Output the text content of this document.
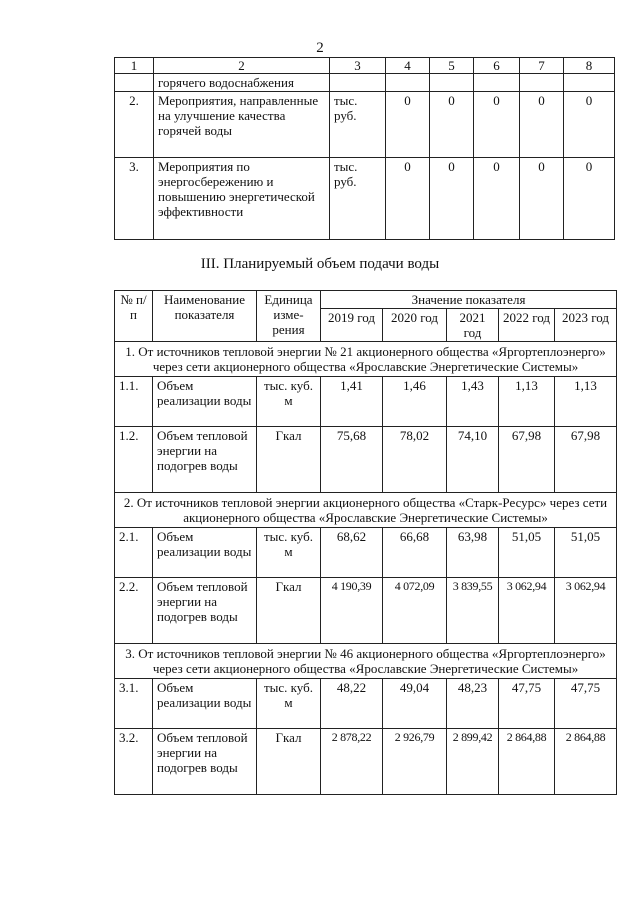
2
1	2	3	4	5	6	7	8
	горячего водоснабжения						
2.	Мероприятия, направленные на улучшение качества горячей воды	тыс. руб.	0	0	0	0	0
3.	Мероприятия по энергосбережению и повышению энергетической эффективности	тыс. руб.	0	0	0	0	0
III. Планируемый объем подачи воды
№ п/п	Наименование показателя	Единица изме-рения	Значение показателя				
			2019 год	2020 год	2021 год	2022 год	2023 год
1. От источников тепловой энергии № 21 акционерного общества «Яргортеплоэнерго» через сети акционерного общества «Ярославские Энергетические Системы»							
1.1.	Объем реализации воды	тыс. куб. м	1,41	1,46	1,43	1,13	1,13
1.2.	Объем тепловой энергии на подогрев воды	Гкал	75,68	78,02	74,10	67,98	67,98
2. От источников тепловой энергии акционерного общества «Старк-Ресурс» через сети акционерного общества «Ярославские Энергетические Системы»							
2.1.	Объем реализации воды	тыс. куб. м	68,62	66,68	63,98	51,05	51,05
2.2.	Объем тепловой энергии на подогрев воды	Гкал	4 190,39	4 072,09	3 839,55	3 062,94	3 062,94
3. От источников тепловой энергии № 46 акционерного общества «Яргортеплоэнерго» через сети акционерного общества «Ярославские Энергетические Системы»							
3.1.	Объем реализации воды	тыс. куб. м	48,22	49,04	48,23	47,75	47,75
3.2.	Объем тепловой энергии на подогрев воды	Гкал	2 878,22	2 926,79	2 899,42	2 864,88	2 864,88
